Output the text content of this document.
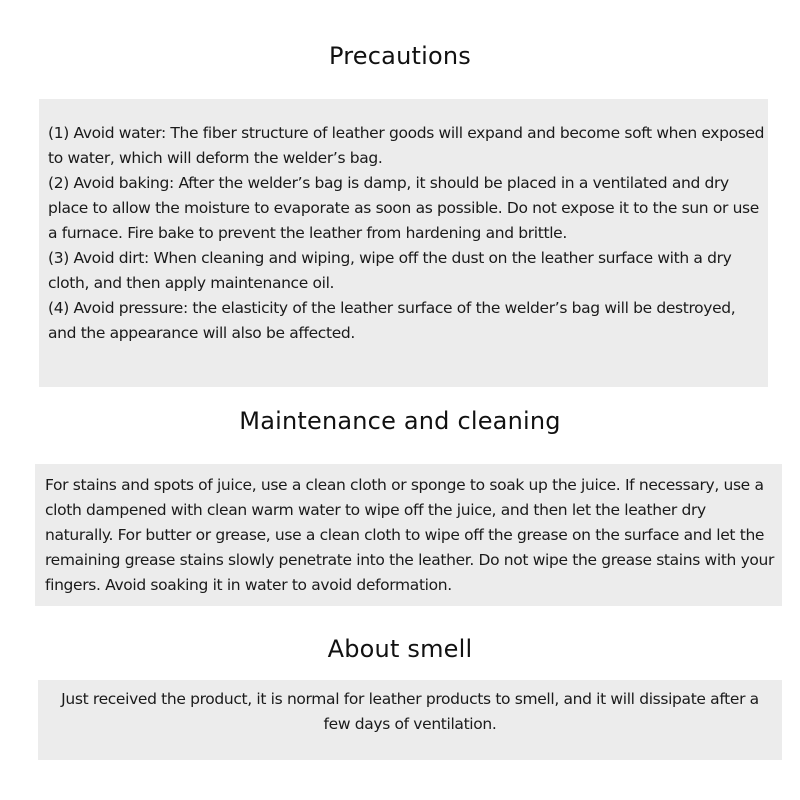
Precautions

(1) Avoid water: The fiber structure of leather goods will expand and become soft when exposed to water, which will deform the welder’s bag.

(2) Avoid baking: After the welder’s bag is damp, it should be placed in a ventilated and dry place to allow the moisture to evaporate as soon as possible. Do not expose it to the sun or use a furnace. Fire bake to prevent the leather from hardening and brittle.

(3) Avoid dirt: When cleaning and wiping, wipe off the dust on the leather surface with a dry cloth, and then apply maintenance oil.

(4) Avoid pressure: the elasticity of the leather surface of the welder’s bag will be destroyed, and the appearance will also be affected.

Maintenance and cleaning

For stains and spots of juice, use a clean cloth or sponge to soak up the juice. If necessary, use a cloth dampened with clean warm water to wipe off the juice, and then let the leather dry naturally. For butter or grease, use a clean cloth to wipe off the grease on the surface and let the remaining grease stains slowly penetrate into the leather. Do not wipe the grease stains with your fingers. Avoid soaking it in water to avoid deformation.

About smell

Just received the product, it is normal for leather products to smell, and it will dissipate after a few days of ventilation.
